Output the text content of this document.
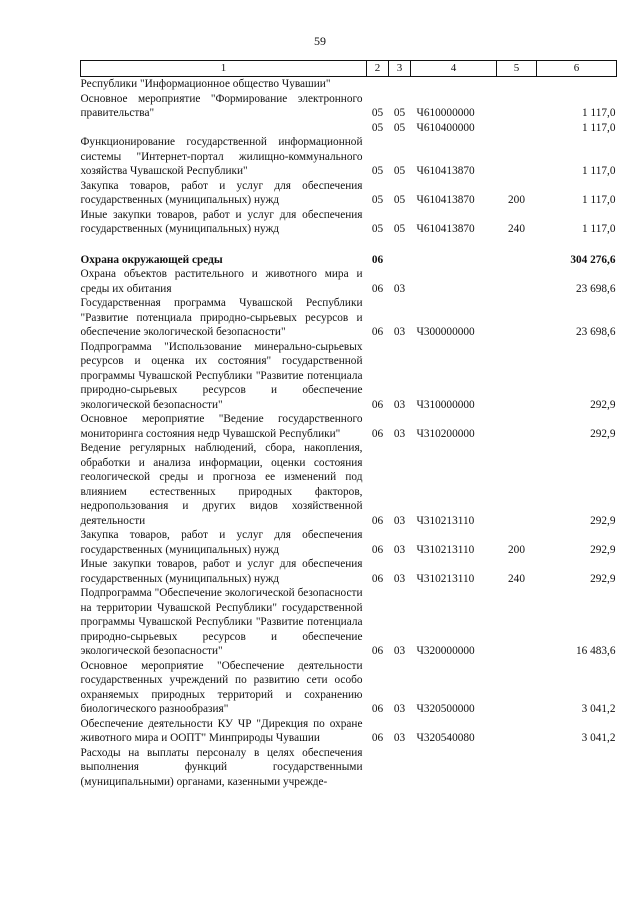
59
1	2	3	4	5	6
Республики "Информационное общество Чувашии"					
Основное мероприятие "Формирование электронного правительства"	05	05	Ч610000000		1 117,0
	05	05	Ч610400000		1 117,0
Функционирование государственной информационной системы "Интернет-портал жилищно-коммунального хозяйства Чувашской Республики"	05	05	Ч610413870		1 117,0
Закупка товаров, работ и услуг для обеспечения государственных (муниципальных) нужд	05	05	Ч610413870	200	1 117,0
Иные закупки товаров, работ и услуг для обеспечения государственных (муниципальных) нужд	05	05	Ч610413870	240	1 117,0

Охрана окружающей среды	06				304 276,6
Охрана объектов растительного и животного мира и среды их обитания	06	03			23 698,6
Государственная программа Чувашской Республики "Развитие потенциала природно-сырьевых ресурсов и обеспечение экологической безопасности"	06	03	Ч300000000		23 698,6
Подпрограмма "Использование минерально-сырьевых ресурсов и оценка их состояния" государственной программы Чувашской Республики "Развитие потенциала природно-сырьевых ресурсов и обеспечение экологической безопасности"	06	03	Ч310000000		292,9
Основное мероприятие "Ведение государственного мониторинга состояния недр Чувашской Республики"	06	03	Ч310200000		292,9
Ведение регулярных наблюдений, сбора, накопления, обработки и анализа информации, оценки состояния геологической среды и прогноза ее изменений под влиянием естественных природных факторов, недропользования и других видов хозяйственной деятельности	06	03	Ч310213110		292,9
Закупка товаров, работ и услуг для обеспечения государственных (муниципальных) нужд	06	03	Ч310213110	200	292,9
Иные закупки товаров, работ и услуг для обеспечения государственных (муниципальных) нужд	06	03	Ч310213110	240	292,9
Подпрограмма "Обеспечение экологической безопасности на территории Чувашской Республики" государственной программы Чувашской Республики "Развитие потенциала природно-сырьевых ресурсов и обеспечение экологической безопасности"	06	03	Ч320000000		16 483,6
Основное мероприятие "Обеспечение деятельности государственных учреждений по развитию сети особо охраняемых природных территорий и сохранению биологического разнообразия"	06	03	Ч320500000		3 041,2
Обеспечение деятельности КУ ЧР "Дирекция по охране животного мира и ООПТ" Минприроды Чувашии	06	03	Ч320540080		3 041,2
Расходы на выплаты персоналу в целях обеспечения выполнения функций государственными (муниципальными) органами, казенными учрежде-					
